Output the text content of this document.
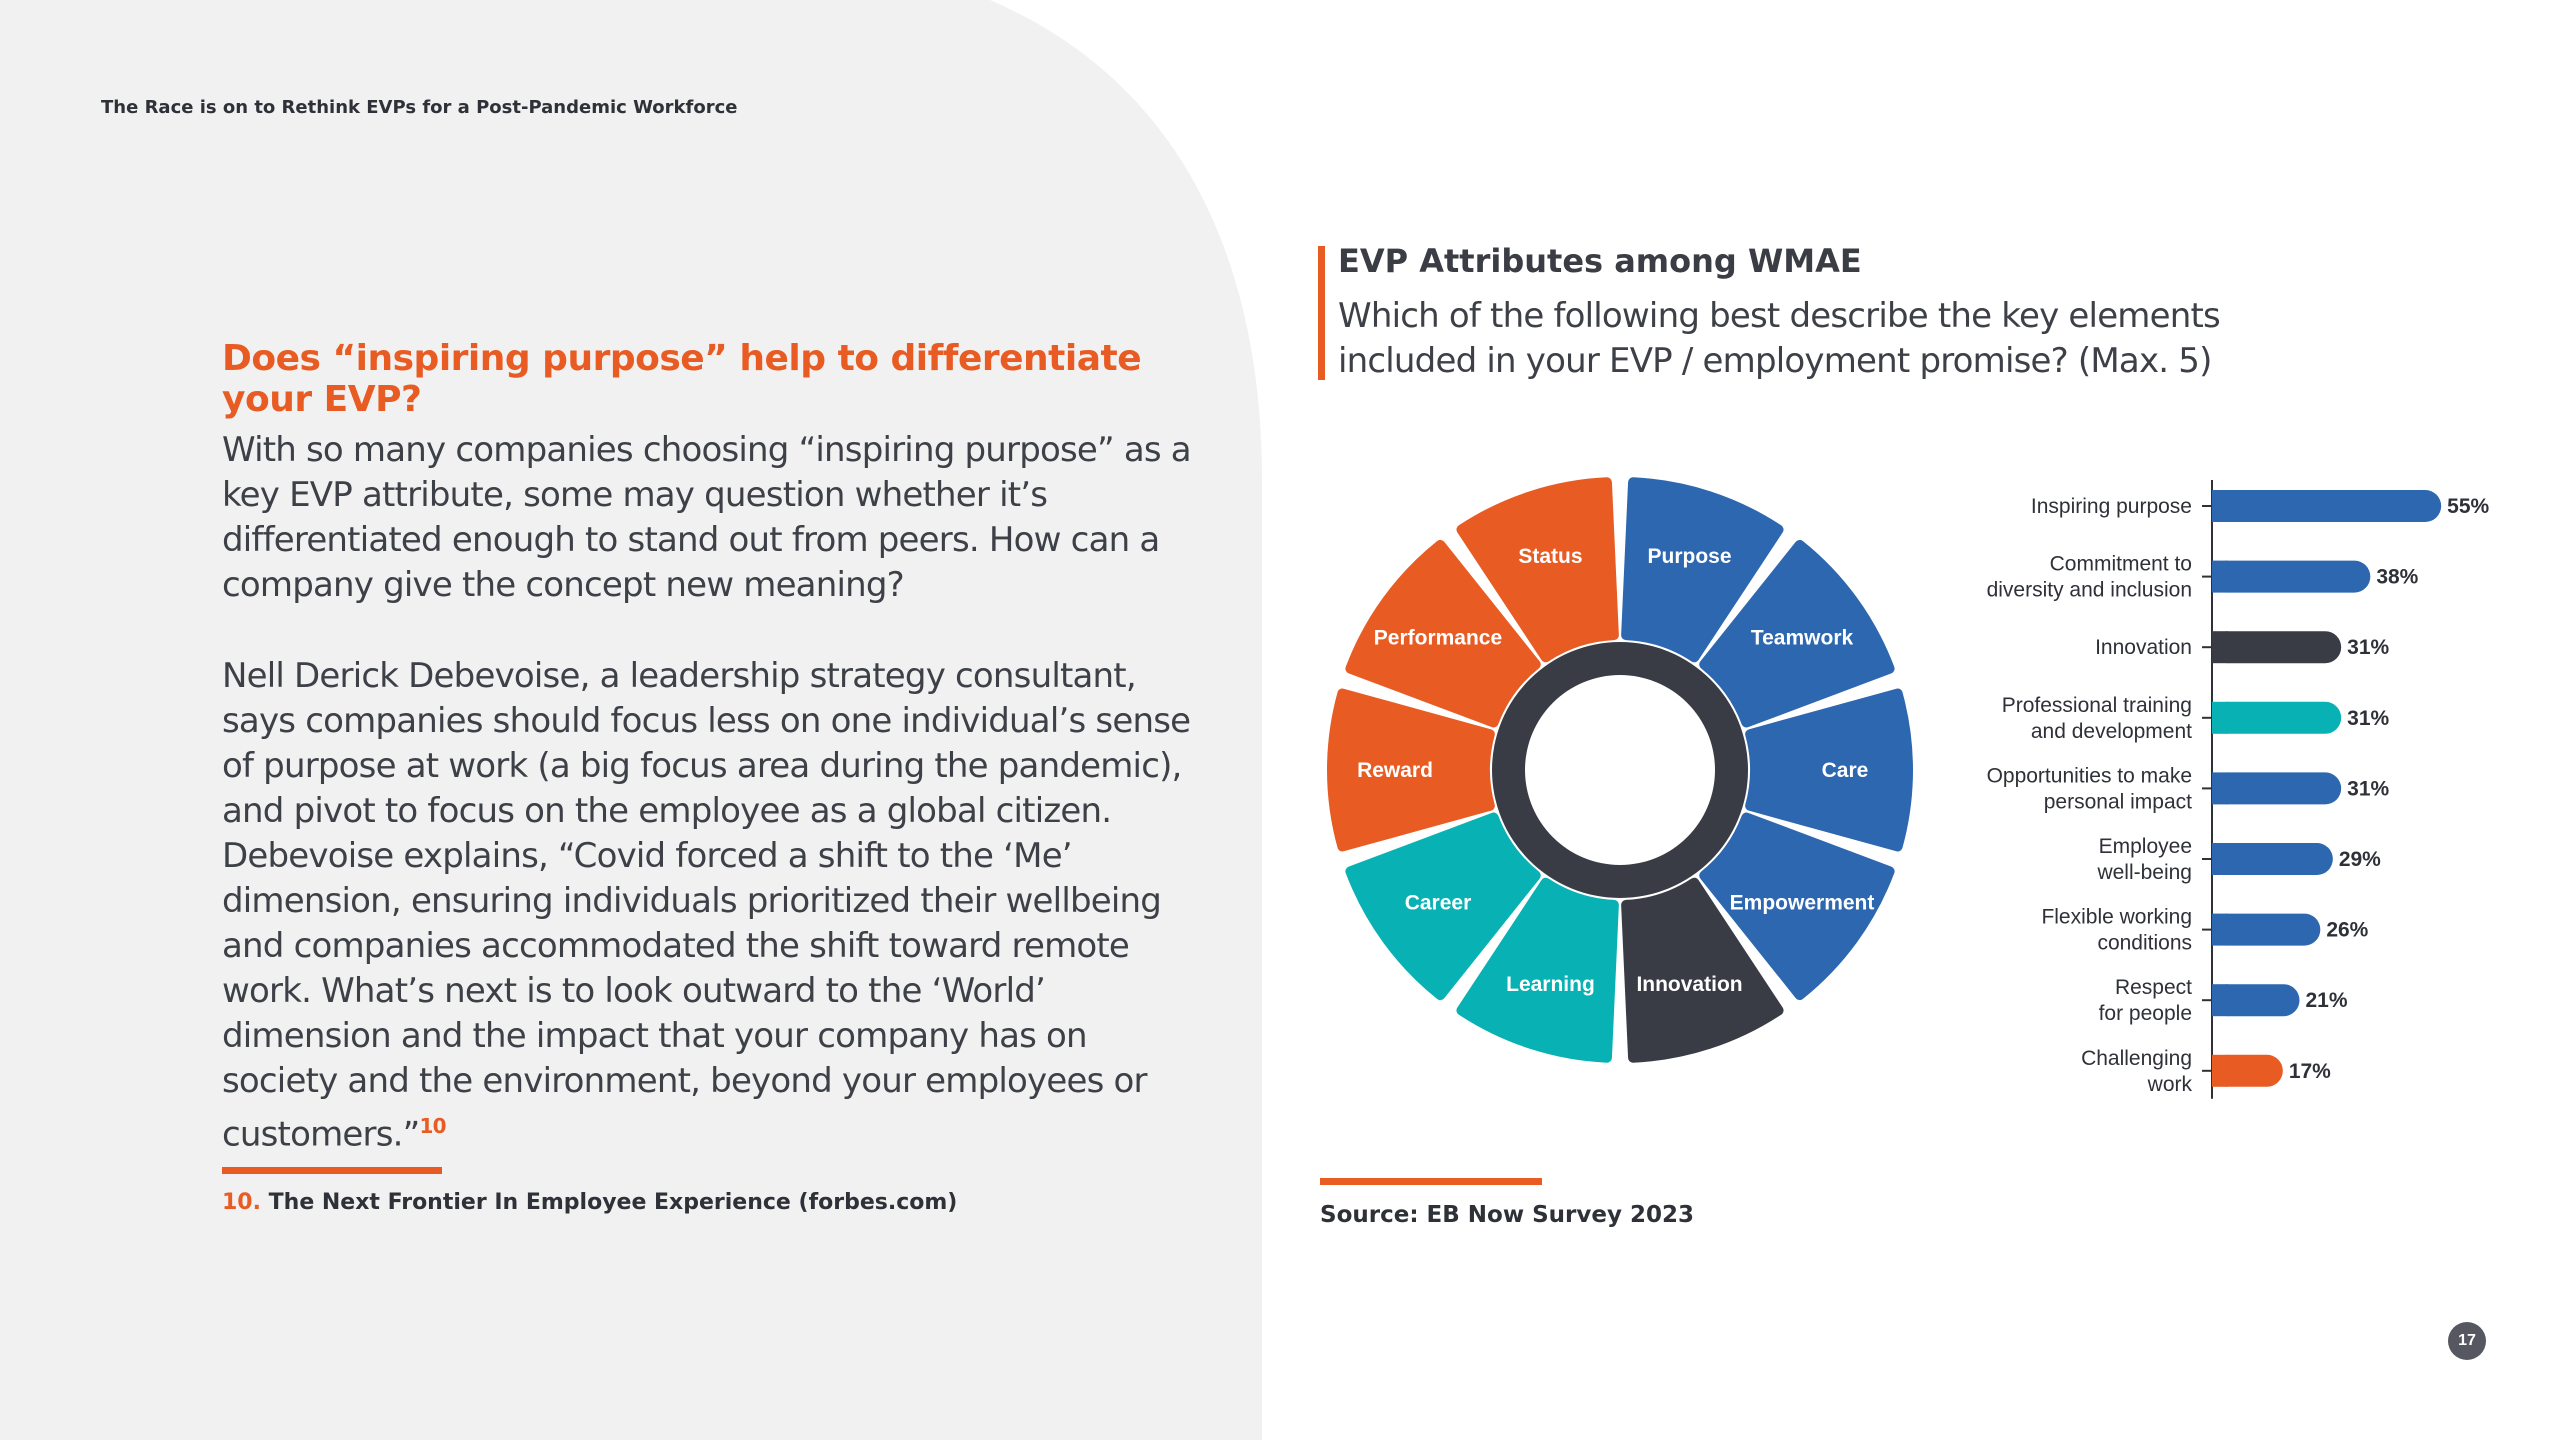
The Race is on to Rethink EVPs for a Post-Pandemic Workforce
Does “inspiring purpose” help to differentiate your EVP?

With so many companies choosing “inspiring purpose” as a key EVP attribute, some may question whether it’s differentiated enough to stand out from peers. How can a company give the concept new meaning?

Nell Derick Debevoise, a leadership strategy consultant, says companies should focus less on one individual’s sense of purpose at work (a big focus area during the pandemic), and pivot to focus on the employee as a global citizen. Debevoise explains, “Covid forced a shift to the ‘Me’ dimension, ensuring individuals prioritized their wellbeing and companies accommodated the shift toward remote work. What’s next is to look outward to the ‘World’ dimension and the impact that your company has on society and the environment, beyond your employees or customers.”$^{10}$

10. The Next Frontier In Employee Experience (forbes.com)
EVP Attributes among WMAE
Which of the following best describe the key elements included in your EVP / employment promise? (Max. 5)
Purpose
Teamwork
Care
Empowerment
Innovation
Learning
Career
Reward
Performance
Status
55%
Inspiring purpose
38%
Commitment to diversity and inclusion
31%
Innovation
31%
Professional training and development
31%
Opportunities to make personal impact
29%
Employee well-being
26%
Flexible working conditions
21%
Respect for people
17%
Challenging work
Source: EB Now Survey 2023
17
